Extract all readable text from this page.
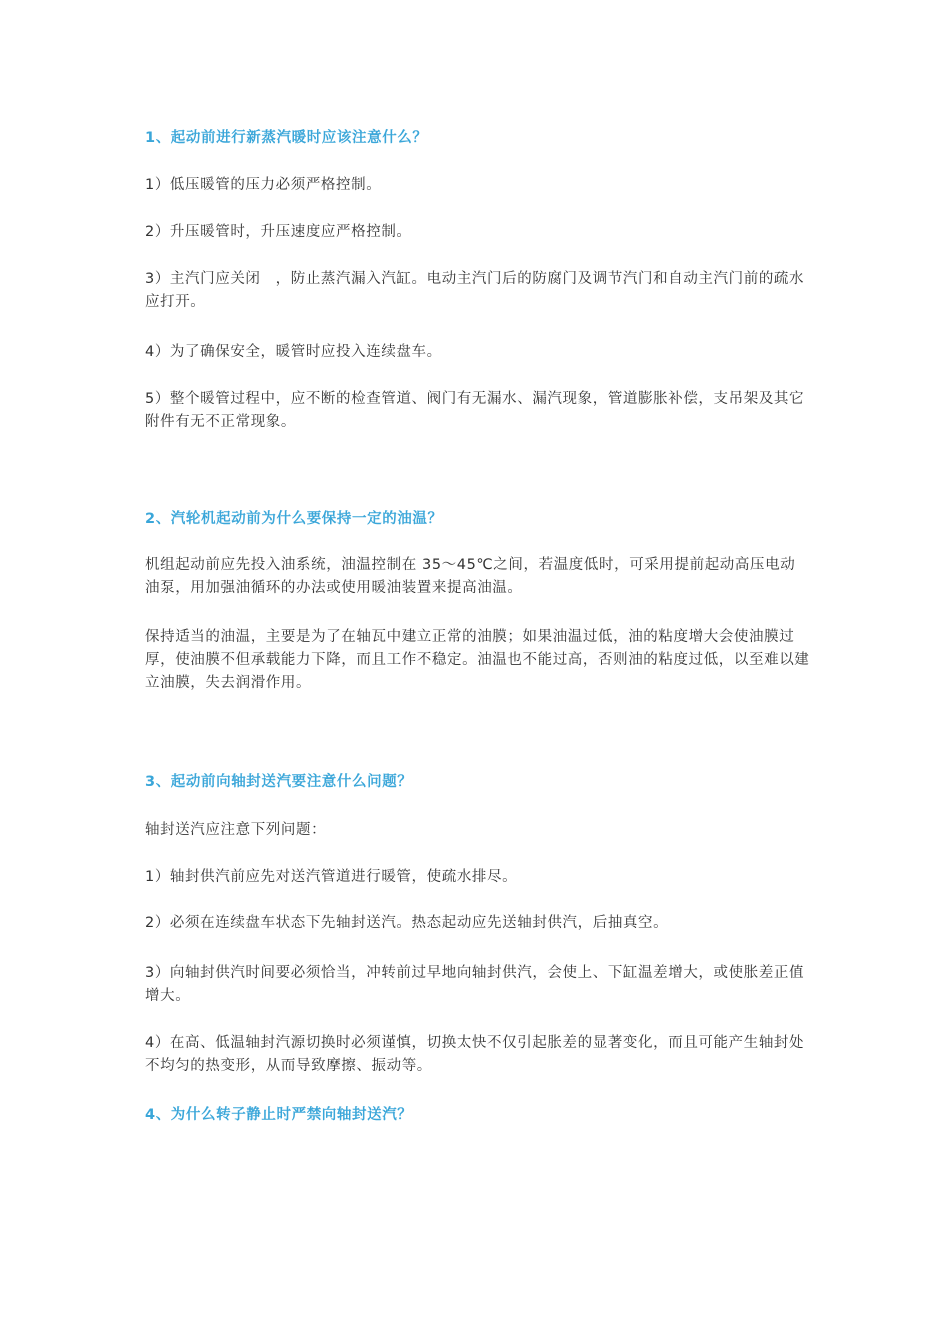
1、起动前进行新蒸汽暖时应该注意什么？

1）低压暖管的压力必须严格控制。

2）升压暖管时，升压速度应严格控制。

3）主汽门应关闭　，防止蒸汽漏入汽缸。电动主汽门后的防腐门及调节汽门和自动主汽门前的疏水应打开。

4）为了确保安全，暖管时应投入连续盘车。

5）整个暖管过程中，应不断的检查管道、阀门有无漏水、漏汽现象，管道膨胀补偿，支吊架及其它附件有无不正常现象。

2、汽轮机起动前为什么要保持一定的油温？

机组起动前应先投入油系统，油温控制在 35～45℃之间，若温度低时，可采用提前起动高压电动油泵，用加强油循环的办法或使用暖油装置来提高油温。

保持适当的油温，主要是为了在轴瓦中建立正常的油膜；如果油温过低，油的粘度增大会使油膜过厚，使油膜不但承载能力下降，而且工作不稳定。油温也不能过高，否则油的粘度过低，以至难以建立油膜，失去润滑作用。

3、起动前向轴封送汽要注意什么问题？

轴封送汽应注意下列问题：

1）轴封供汽前应先对送汽管道进行暖管，使疏水排尽。

2）必须在连续盘车状态下先轴封送汽。热态起动应先送轴封供汽，后抽真空。

3）向轴封供汽时间要必须恰当，冲转前过早地向轴封供汽，会使上、下缸温差增大，或使胀差正值增大。

4）在高、低温轴封汽源切换时必须谨慎，切换太快不仅引起胀差的显著变化，而且可能产生轴封处不均匀的热变形，从而导致摩擦、振动等。

4、为什么转子静止时严禁向轴封送汽？
